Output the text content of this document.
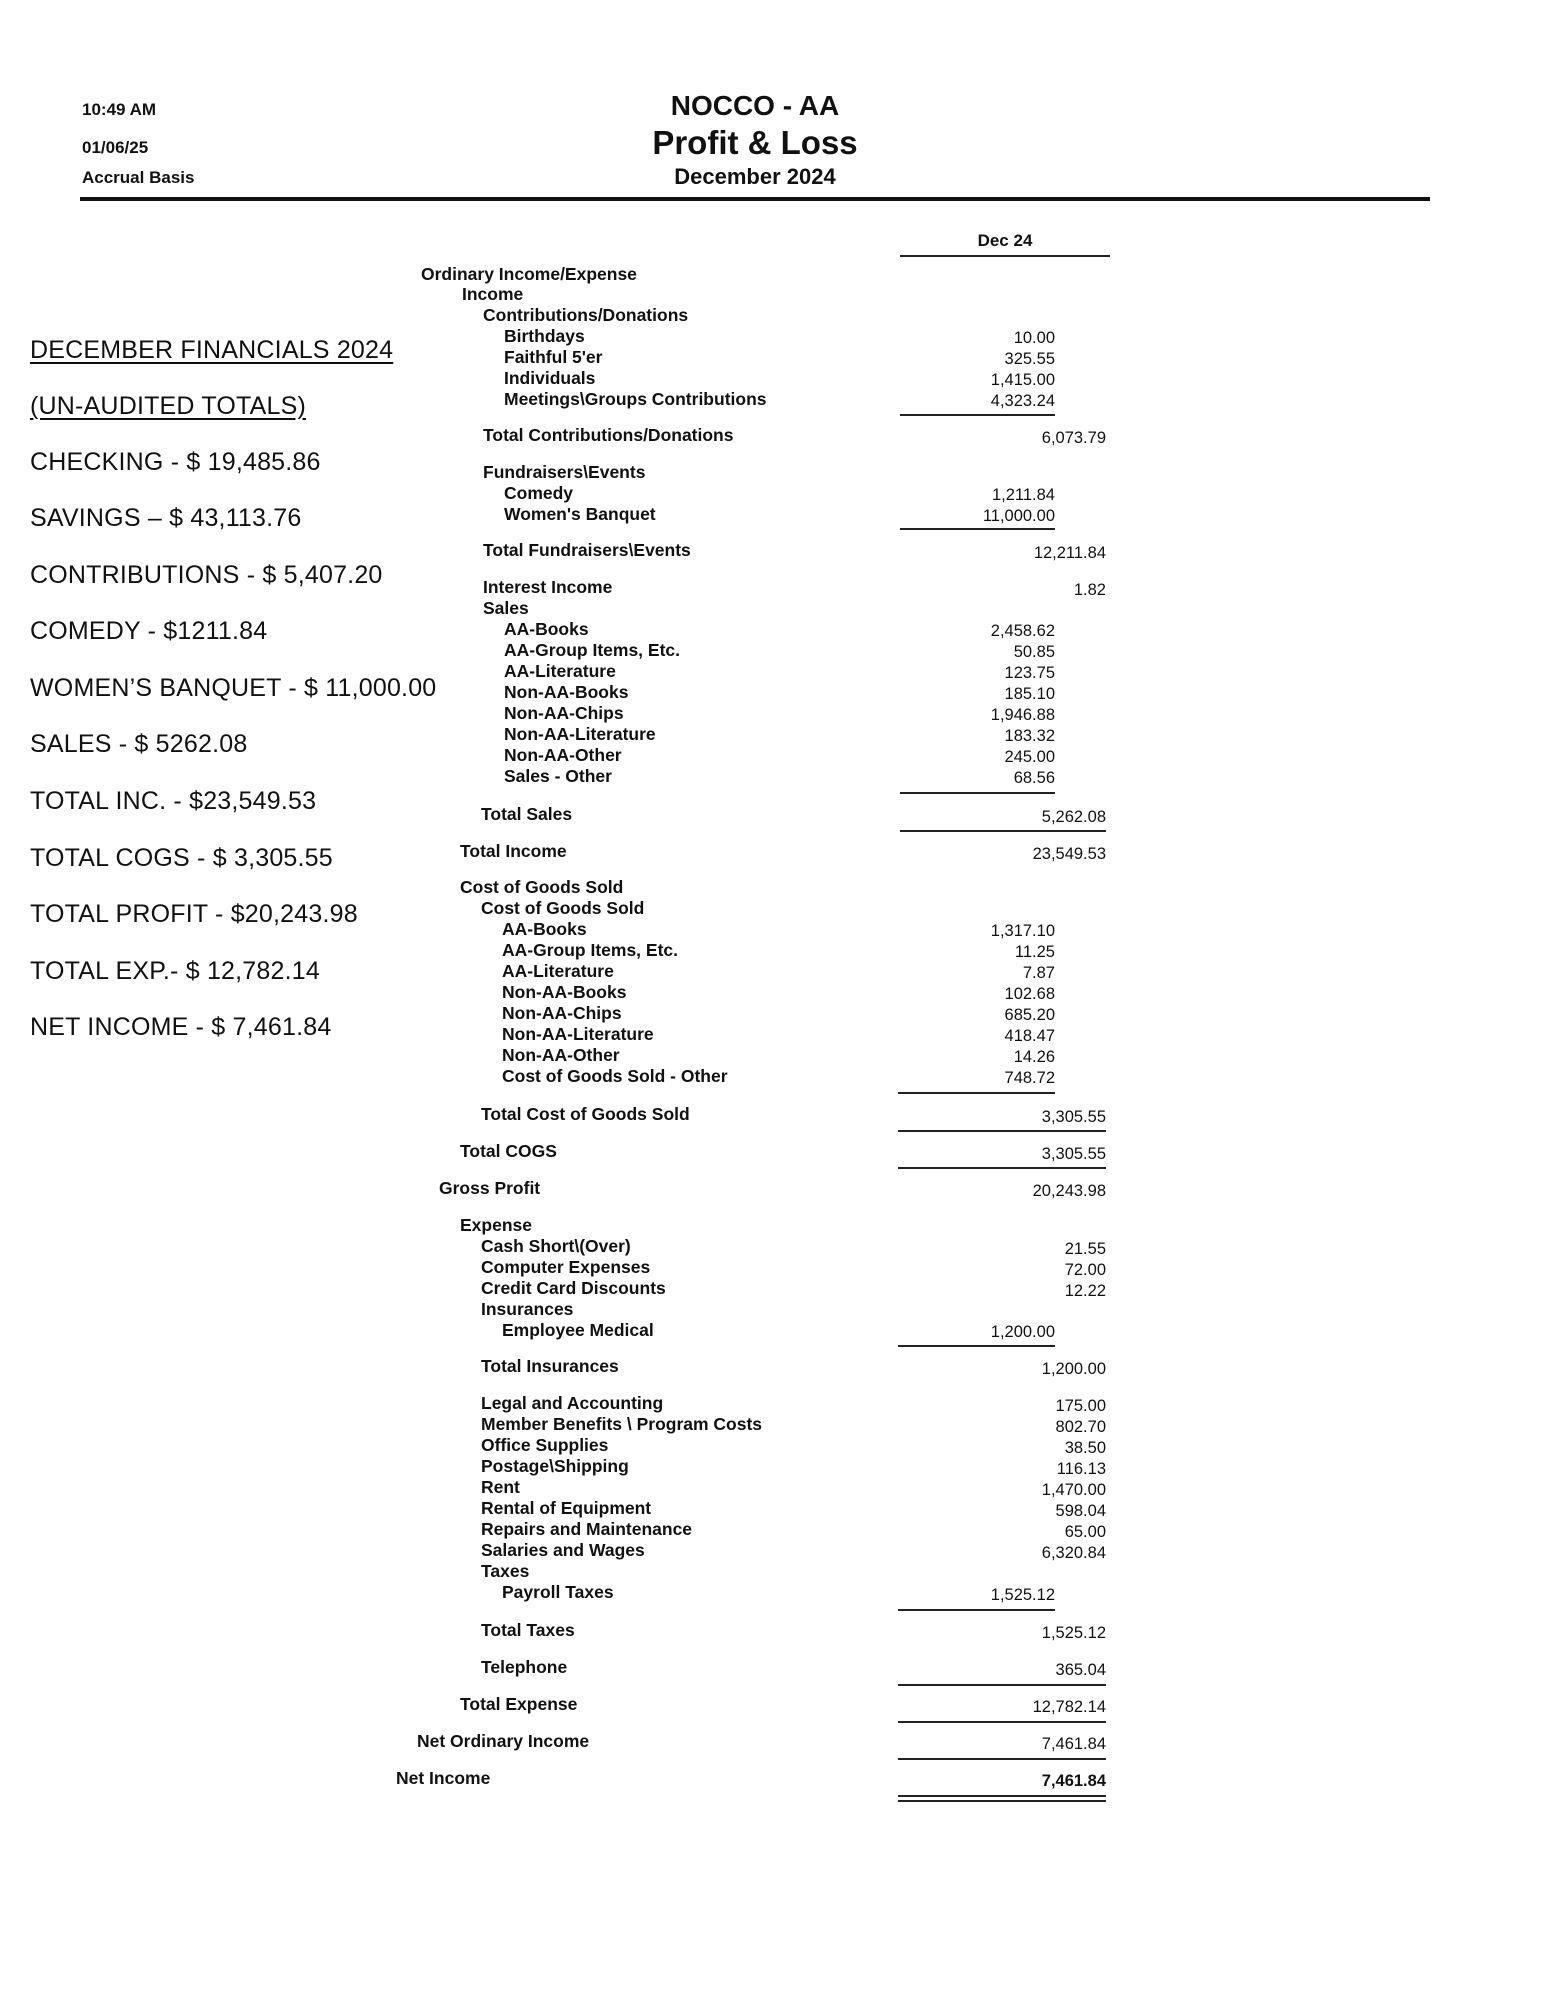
10:49 AM
01/06/25
Accrual Basis
NOCCO - AA
Profit & Loss
December 2024
Dec 24
DECEMBER FINANCIALS 2024
(UN-AUDITED TOTALS)
CHECKING - $ 19,485.86
SAVINGS – $ 43,113.76
CONTRIBUTIONS - $ 5,407.20
COMEDY - $1211.84
WOMEN’S BANQUET - $ 11,000.00
SALES - $ 5262.08
TOTAL INC. - $23,549.53
TOTAL COGS - $ 3,305.55
TOTAL PROFIT - $20,243.98
TOTAL EXP.- $ 12,782.14
NET INCOME - $ 7,461.84
Ordinary Income/Expense
Income
Contributions/Donations
Birthdays	10.00
Faithful 5'er	325.55
Individuals	1,415.00
Meetings\Groups Contributions	4,323.24
Total Contributions/Donations	6,073.79
Fundraisers\Events
Comedy	1,211.84
Women's Banquet	11,000.00
Total Fundraisers\Events	12,211.84
Interest Income	1.82
Sales
AA-Books	2,458.62
AA-Group Items, Etc.	50.85
AA-Literature	123.75
Non-AA-Books	185.10
Non-AA-Chips	1,946.88
Non-AA-Literature	183.32
Non-AA-Other	245.00
Sales - Other	68.56
Total Sales	5,262.08
Total Income	23,549.53
Cost of Goods Sold
Cost of Goods Sold
AA-Books	1,317.10
AA-Group Items, Etc.	11.25
AA-Literature	7.87
Non-AA-Books	102.68
Non-AA-Chips	685.20
Non-AA-Literature	418.47
Non-AA-Other	14.26
Cost of Goods Sold - Other	748.72
Total Cost of Goods Sold	3,305.55
Total COGS	3,305.55
Gross Profit	20,243.98
Expense
Cash Short\(Over)	21.55
Computer Expenses	72.00
Credit Card Discounts	12.22
Insurances
Employee Medical	1,200.00
Total Insurances	1,200.00
Legal and Accounting	175.00
Member Benefits \ Program Costs	802.70
Office Supplies	38.50
Postage\Shipping	116.13
Rent	1,470.00
Rental of Equipment	598.04
Repairs and Maintenance	65.00
Salaries and Wages	6,320.84
Taxes
Payroll Taxes	1,525.12
Total Taxes	1,525.12
Telephone	365.04
Total Expense	12,782.14
Net Ordinary Income	7,461.84
Net Income	7,461.84
